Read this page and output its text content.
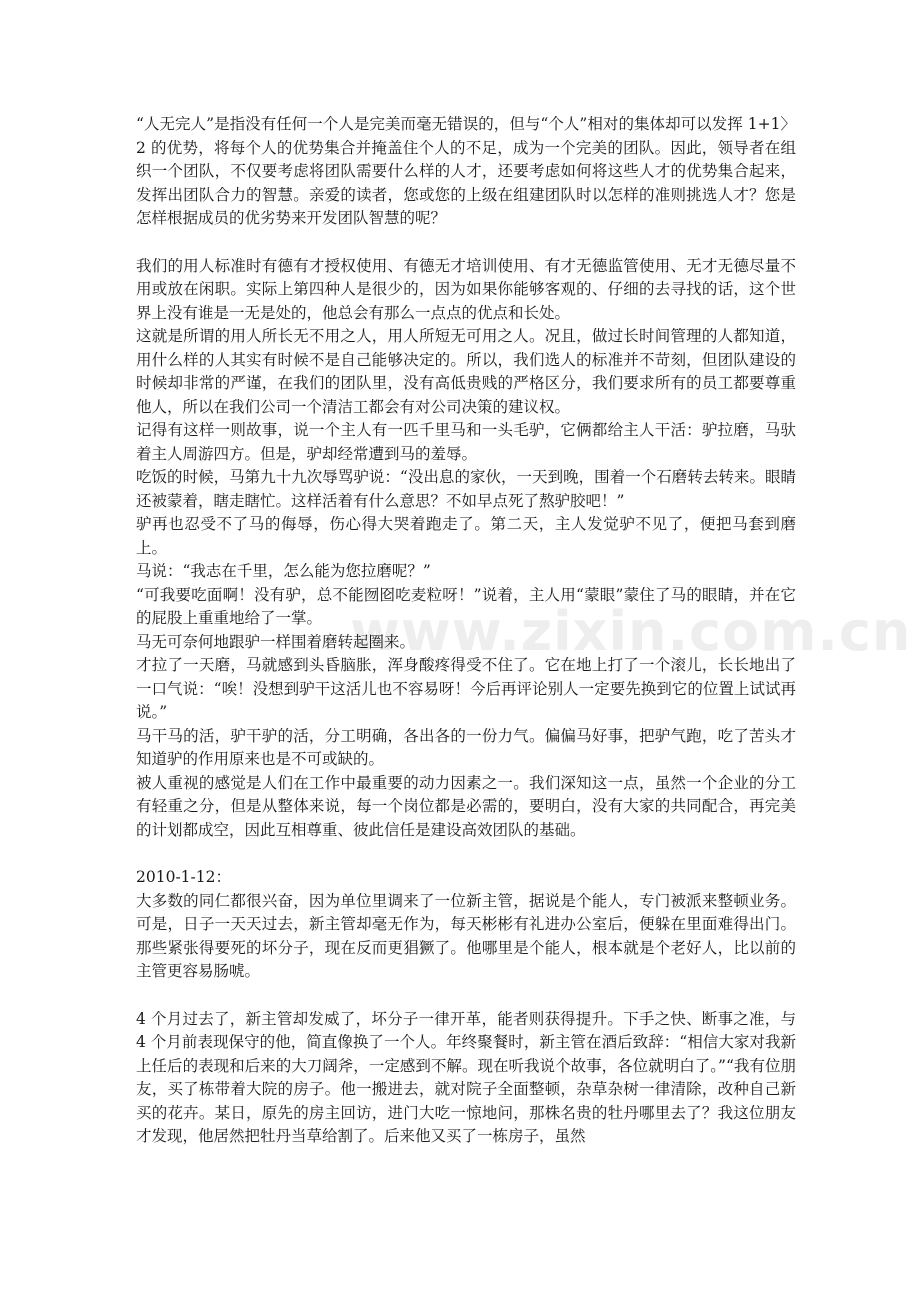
www.zixin.com.cn

“人无完人”是指没有任何一个人是完美而毫无错误的，但与“个人”相对的集体却可以发挥 1+1〉2 的优势，将每个人的优势集合并掩盖住个人的不足，成为一个完美的团队。因此，领导者在组织一个团队，不仅要考虑将团队需要什么样的人才，还要考虑如何将这些人才的优势集合起来，发挥出团队合力的智慧。亲爱的读者，您或您的上级在组建团队时以怎样的准则挑选人才？您是怎样根据成员的优劣势来开发团队智慧的呢？

我们的用人标准时有德有才授权使用、有德无才培训使用、有才无德监管使用、无才无德尽量不用或放在闲职。实际上第四种人是很少的，因为如果你能够客观的、仔细的去寻找的话，这个世界上没有谁是一无是处的，他总会有那么一点点的优点和长处。

这就是所谓的用人所长无不用之人，用人所短无可用之人。况且，做过长时间管理的人都知道，用什么样的人其实有时候不是自己能够决定的。所以，我们选人的标准并不苛刻，但团队建设的时候却非常的严谨，在我们的团队里，没有高低贵贱的严格区分，我们要求所有的员工都要尊重他人，所以在我们公司一个清洁工都会有对公司决策的建议权。

记得有这样一则故事，说一个主人有一匹千里马和一头毛驴，它俩都给主人干活：驴拉磨，马驮着主人周游四方。但是，驴却经常遭到马的羞辱。

吃饭的时候，马第九十九次辱骂驴说：“没出息的家伙，一天到晚，围着一个石磨转去转来。眼睛还被蒙着，瞎走瞎忙。这样活着有什么意思？不如早点死了熬驴胶吧！”

驴再也忍受不了马的侮辱，伤心得大哭着跑走了。第二天，主人发觉驴不见了，便把马套到磨上。

马说：“我志在千里，怎么能为您拉磨呢？”

“可我要吃面啊！没有驴，总不能囫囵吃麦粒呀！”说着，主人用“蒙眼”蒙住了马的眼睛，并在它的屁股上重重地给了一掌。

马无可奈何地跟驴一样围着磨转起圈来。

才拉了一天磨，马就感到头昏脑胀，浑身酸疼得受不住了。它在地上打了一个滚儿，长长地出了一口气说：“唉！没想到驴干这活儿也不容易呀！今后再评论别人一定要先换到它的位置上试试再说。”

马干马的活，驴干驴的活，分工明确，各出各的一份力气。偏偏马好事，把驴气跑，吃了苦头才知道驴的作用原来也是不可或缺的。

被人重视的感觉是人们在工作中最重要的动力因素之一。我们深知这一点，虽然一个企业的分工有轻重之分，但是从整体来说，每一个岗位都是必需的，要明白，没有大家的共同配合，再完美的计划都成空，因此互相尊重、彼此信任是建设高效团队的基础。

2010-1-12：

大多数的同仁都很兴奋，因为单位里调来了一位新主管，据说是个能人，专门被派来整顿业务。可是，日子一天天过去，新主管却毫无作为，每天彬彬有礼进办公室后，便躲在里面难得出门。那些紧张得要死的坏分子，现在反而更猖獗了。他哪里是个能人，根本就是个老好人，比以前的主管更容易肠唬。

4 个月过去了，新主管却发威了，坏分子一律开革，能者则获得提升。下手之快、断事之准，与 4 个月前表现保守的他，简直像换了一个人。年终聚餐时，新主管在酒后致辞：“相信大家对我新上任后的表现和后来的大刀阔斧，一定感到不解。现在听我说个故事，各位就明白了。”“我有位朋友，买了栋带着大院的房子。他一搬进去，就对院子全面整顿，杂草杂树一律清除，改种自己新买的花卉。某日，原先的房主回访，进门大吃一惊地问，那株名贵的牡丹哪里去了？我这位朋友才发现，他居然把牡丹当草给割了。后来他又买了一栋房子，虽然
